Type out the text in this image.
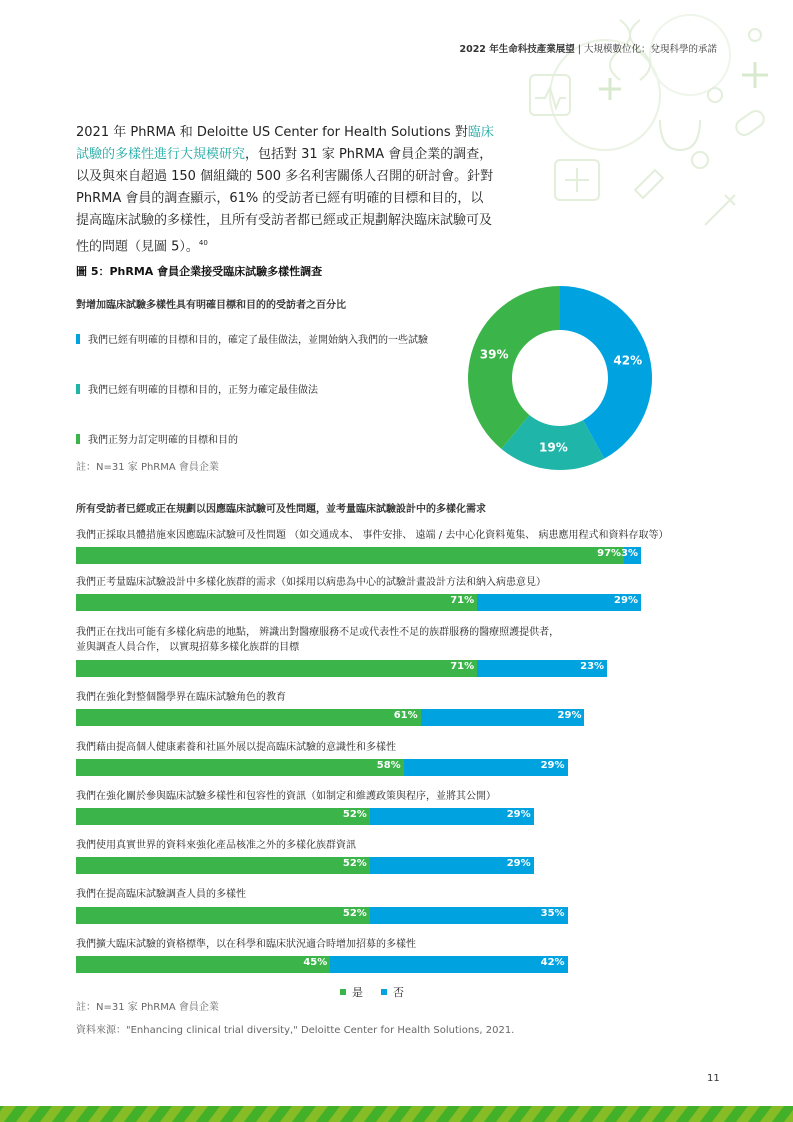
2022 年生命科技產業展望 | 大規模數位化：兌現科學的承諾
2021 年 PhRMA 和 Deloitte US Center for Health Solutions 對臨床試驗的多樣性進行大規模研究，包括對 31 家 PhRMA 會員企業的調查，以及與來自超過 150 個組織的 500 多名利害關係人召開的研討會。針對 PhRMA 會員的調查顯示，61% 的受訪者已經有明確的目標和目的，以提高臨床試驗的多樣性，且所有受訪者都已經或正規劃解決臨床試驗可及性的問題（見圖 5）。$^{40}$
圖 5：PhRMA 會員企業接受臨床試驗多樣性調查
對增加臨床試驗多樣性具有明確目標和目的的受訪者之百分比
我們已經有明確的目標和目的，確定了最佳做法，並開始納入我們的一些試驗
我們已經有明確的目標和目的，正努力確定最佳做法
我們正努力訂定明確的目標和目的
註：N=31 家 PhRMA 會員企業
42%
19%
39%
所有受訪者已經或正在規劃以因應臨床試驗可及性問題，並考量臨床試驗設計中的多樣化需求
我們正採取具體措施來因應臨床試驗可及性問題 （如交通成本、 事件安排、 遠端 / 去中心化資料蒐集、 病患應用程式和資料存取等）
97% 3%
我們正考量臨床試驗設計中多樣化族群的需求（如採用以病患為中心的試驗計畫設計方法和納入病患意見）
71%	29%
我們正在找出可能有多樣化病患的地點， 辨識出對醫療服務不足或代表性不足的族群服務的醫療照護提供者，
並與調查人員合作， 以實現招募多樣化族群的目標
71%	23%
我們在強化對整個醫學界在臨床試驗角色的教育
61%	29%
我們藉由提高個人健康素養和社區外展以提高臨床試驗的意識性和多樣性
58%	29%
我們在強化關於參與臨床試驗多樣性和包容性的資訊（如制定和維護政策與程序，並將其公開）
52%	29%
我們使用真實世界的資料來強化產品核准之外的多樣化族群資訊
52%	29%
我們在提高臨床試驗調查人員的多樣性
52%	35%
我們擴大臨床試驗的資格標準，以在科學和臨床狀況適合時增加招募的多樣性
45%	42%
是	否
註：N=31 家 PhRMA 會員企業
資料來源："Enhancing clinical trial diversity," Deloitte Center for Health Solutions, 2021.
11
